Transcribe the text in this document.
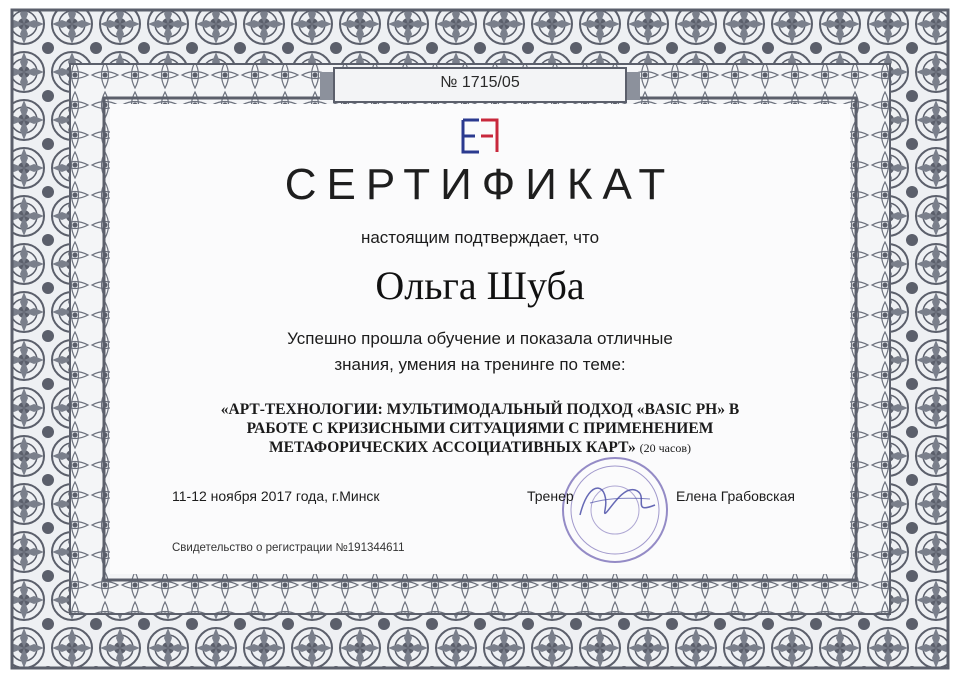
№ 1715/05
СЕРТИФИКАТ
настоящим подтверждает, что
Ольга Шуба
Успешно прошла обучение и показала отличные
знания, умения на тренинге по теме:
«АРТ-ТЕХНОЛОГИИ: МУЛЬТИМОДАЛЬНЫЙ ПОДХОД «BASIC PH» В
РАБОТЕ С КРИЗИСНЫМИ СИТУАЦИЯМИ С ПРИМЕНЕНИЕМ
МЕТАФОРИЧЕСКИХ АССОЦИАТИВНЫХ КАРТ» (20 часов)
11-12 ноября 2017 года, г.Минск	Тренер	Елена Грабовская
Свидетельство о регистрации №191344611
